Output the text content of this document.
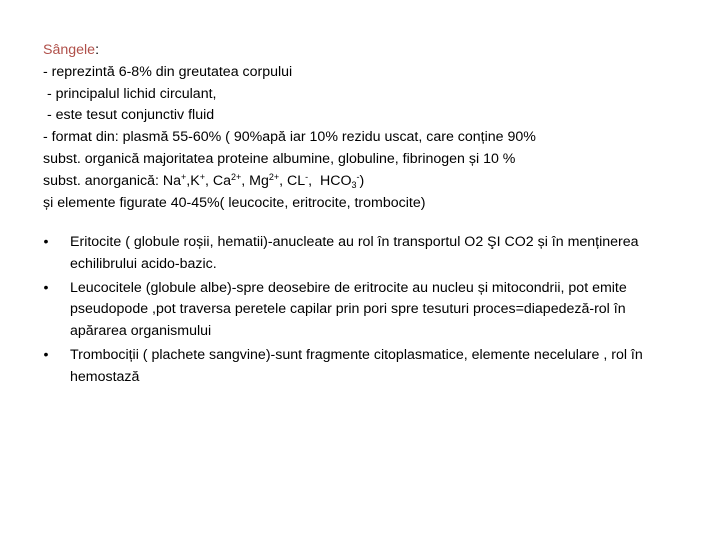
Sângele:
- reprezintă 6-8% din greutatea corpului
- principalul lichid circulant,
- este tesut conjunctiv fluid
- format din: plasmă 55-60% ( 90%apă iar 10% rezidu uscat, care conține 90%
subst. organică majoritatea proteine albumine, globuline, fibrinogen și 10 %
subst. anorganică: Na+,K+, $Ca^{2+}$, $Mg^{2+}$, CL-,  $HCO_3^-$)
și elemente figurate 40-45%( leucocite, eritrocite, trombocite)
•	Eritocite ( globule roșii, hematii)-anucleate au rol în transportul O2 ŞI CO2 și în menținerea echilibrului acido-bazic.
•	Leucocitele (globule albe)-spre deosebire de eritrocite au nucleu și mitocondrii, pot emite pseudopode ,pot traversa peretele capilar prin pori spre tesuturi proces=diapedeză-rol în apărarea organismului
•	Trombociții ( plachete sangvine)-sunt fragmente citoplasmatice, elemente necelulare , rol în hemostază
